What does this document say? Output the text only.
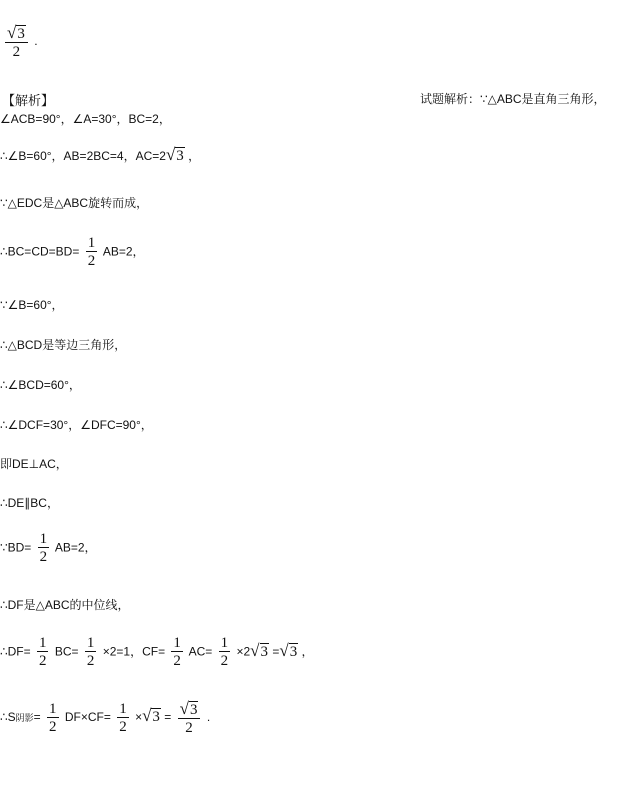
$\frac{√3}{2}$ .
【解析】	试题解析：∵△ABC是直角三角形，
∠ACB=90°，∠A=30°，BC=2，
∴∠B=60°，AB=2BC=4，AC=2√3 ，
∵△EDC是△ABC旋转而成，
∴BC=CD=BD= $\frac{1}{2} AB=2$，
∵∠B=60°，
∴△BCD是等边三角形，
∴∠BCD=60°，
∴∠DCF=30°，∠DFC=90°，
即DE⊥AC，
∴DE∥BC，
∵BD= $\frac{1}{2} AB=2$，
∴DF是△ABC的中位线，
∴DF= $\frac{1}{2} BC= \frac{1}{2} \times 2=1$，$CF= \frac{1}{2} AC= \frac{1}{2} \times 2√3 =√3$ ，
∴S阴影= $\frac{1}{2} DF\times CF= \frac{1}{2} \times√3 = \frac{√3}{2}$ .
